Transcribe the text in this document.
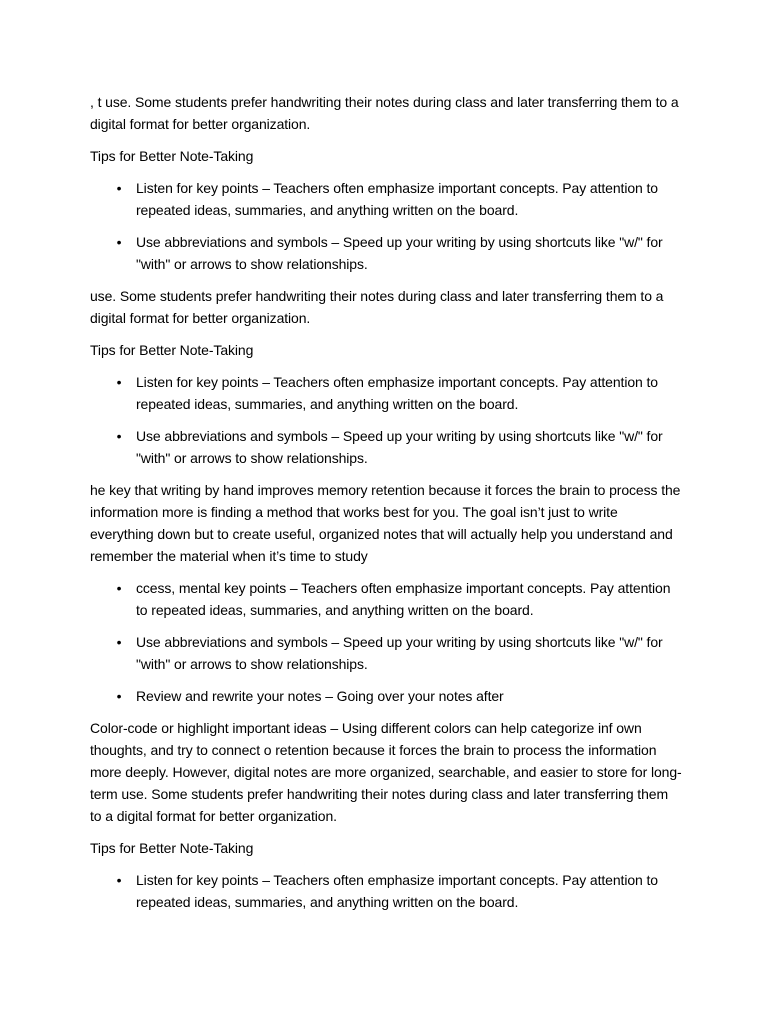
, t use. Some students prefer handwriting their notes during class and later transferring them to a digital format for better organization.

Tips for Better Note-Taking

• Listen for key points – Teachers often emphasize important concepts. Pay attention to repeated ideas, summaries, and anything written on the board.
• Use abbreviations and symbols – Speed up your writing by using shortcuts like "w/" for "with" or arrows to show relationships.

use. Some students prefer handwriting their notes during class and later transferring them to a digital format for better organization.

Tips for Better Note-Taking

• Listen for key points – Teachers often emphasize important concepts. Pay attention to repeated ideas, summaries, and anything written on the board.
• Use abbreviations and symbols – Speed up your writing by using shortcuts like "w/" for "with" or arrows to show relationships.

he key that writing by hand improves memory retention because it forces the brain to process the information more is finding a method that works best for you. The goal isn’t just to write everything down but to create useful, organized notes that will actually help you understand and remember the material when it’s time to study

• ccess, mental key points – Teachers often emphasize important concepts. Pay attention to repeated ideas, summaries, and anything written on the board.
• Use abbreviations and symbols – Speed up your writing by using shortcuts like "w/" for "with" or arrows to show relationships.
• Review and rewrite your notes – Going over your notes after

Color-code or highlight important ideas – Using different colors can help categorize inf own thoughts, and try to connect o retention because it forces the brain to process the information more deeply. However, digital notes are more organized, searchable, and easier to store for long-term use. Some students prefer handwriting their notes during class and later transferring them to a digital format for better organization.

Tips for Better Note-Taking

• Listen for key points – Teachers often emphasize important concepts. Pay attention to repeated ideas, summaries, and anything written on the board.
